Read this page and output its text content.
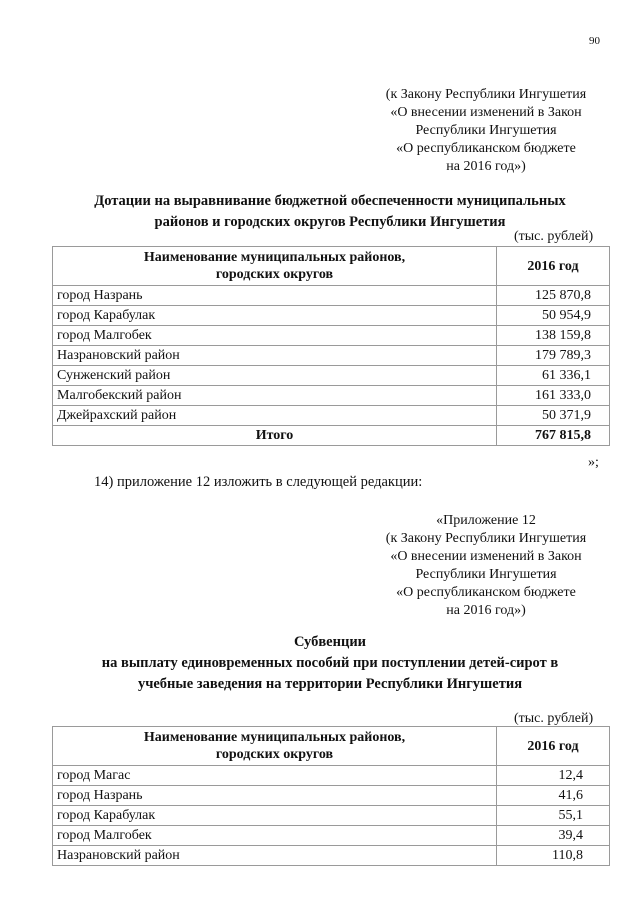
90
(к Закону Республики Ингушетия
«О внесении изменений в Закон
Республики Ингушетия
«О республиканском бюджете
на 2016 год»)
Дотации на выравнивание бюджетной обеспеченности муниципальных
районов и городских округов Республики Ингушетия
(тыс. рублей)
Наименование муниципальных районов,
городских округов	2016 год
город Назрань	125 870,8
город Карабулак	50 954,9
город Малгобек	138 159,8
Назрановский район	179 789,3
Сунженский район	61 336,1
Малгобекский район	161 333,0
Джейрахский район	50 371,9
Итого	767 815,8
»;
14) приложение 12 изложить в следующей редакции:
«Приложение 12
(к Закону Республики Ингушетия
«О внесении изменений в Закон
Республики Ингушетия
«О республиканском бюджете
на 2016 год»)
Субвенции
на выплату единовременных пособий при поступлении детей-сирот в
учебные заведения на территории Республики Ингушетия
(тыс. рублей)
Наименование муниципальных районов,
городских округов	2016 год
город Магас	12,4
город Назрань	41,6
город Карабулак	55,1
город Малгобек	39,4
Назрановский район	110,8
